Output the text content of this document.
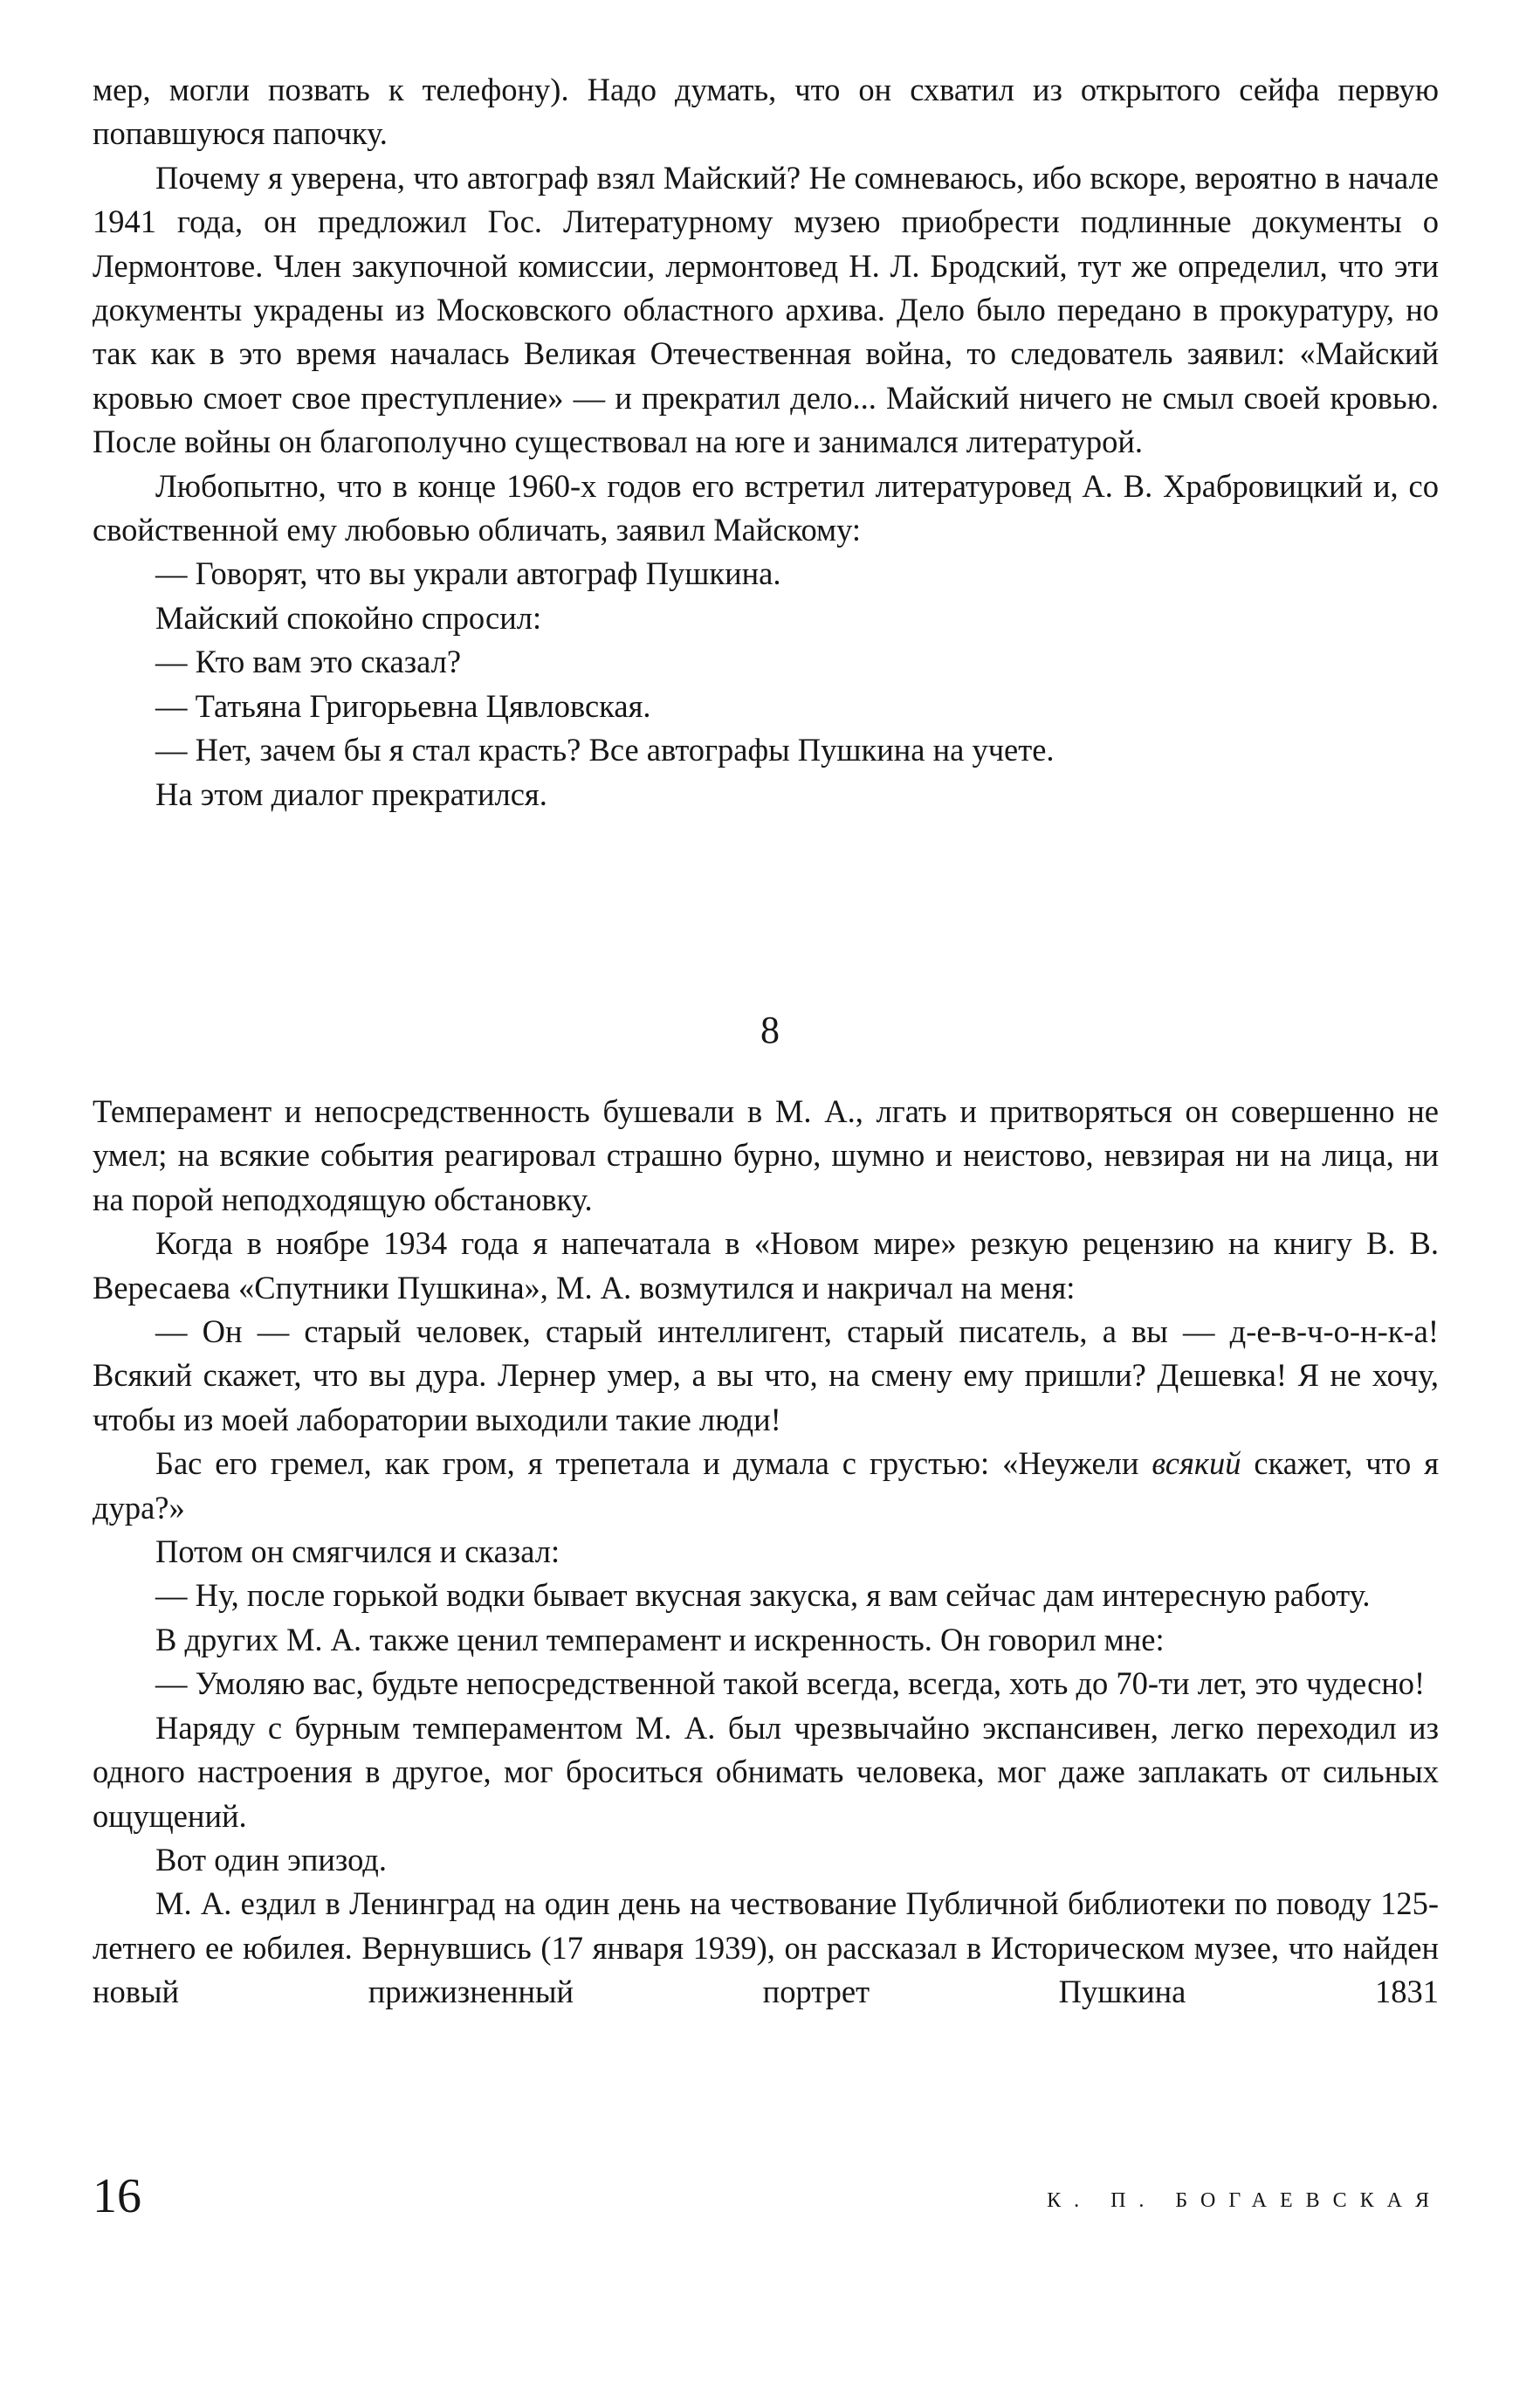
мер, могли позвать к телефону). Надо думать, что он схватил из открытого сейфа первую попавшуюся папочку.

Почему я уверена, что автограф взял Майский? Не сомневаюсь, ибо вскоре, вероятно в начале 1941 года, он предложил Гос. Литературному музею приобрести подлинные документы о Лермонтове. Член закупочной комиссии, лермонтовед Н. Л. Бродский, тут же определил, что эти документы украдены из Московского областного архива. Дело было передано в прокуратуру, но так как в это время началась Великая Отечественная война, то следователь заявил: «Майский кровью смоет свое преступление» — и прекратил дело... Майский ничего не смыл своей кровью. После войны он благополучно существовал на юге и занимался литературой.

Любопытно, что в конце 1960-х годов его встретил литературовед А. В. Храбровицкий и, со свойственной ему любовью обличать, заявил Майскому:

— Говорят, что вы украли автограф Пушкина.

Майский спокойно спросил:

— Кто вам это сказал?

— Татьяна Григорьевна Цявловская.

— Нет, зачем бы я стал красть? Все автографы Пушкина на учете.

На этом диалог прекратился.

8

Темперамент и непосредственность бушевали в М. А., лгать и притворяться он совершенно не умел; на всякие события реагировал страшно бурно, шумно и неистово, невзирая ни на лица, ни на порой неподходящую обстановку.

Когда в ноябре 1934 года я напечатала в «Новом мире» резкую рецензию на книгу В. В. Вересаева «Спутники Пушкина», М. А. возмутился и накричал на меня:

— Он — старый человек, старый интеллигент, старый писатель, а вы — д-е-в-ч-о-н-к-а! Всякий скажет, что вы дура. Лернер умер, а вы что, на смену ему пришли? Дешевка! Я не хочу, чтобы из моей лаборатории выходили такие люди!

Бас его гремел, как гром, я трепетала и думала с грустью: «Неужели всякий скажет, что я дура?»

Потом он смягчился и сказал:

— Ну, после горькой водки бывает вкусная закуска, я вам сейчас дам интересную работу.

В других М. А. также ценил темперамент и искренность. Он говорил мне:

— Умоляю вас, будьте непосредственной такой всегда, всегда, хоть до 70-ти лет, это чудесно!

Наряду с бурным темпераментом М. А. был чрезвычайно экспансивен, легко переходил из одного настроения в другое, мог броситься обнимать человека, мог даже заплакать от сильных ощущений.

Вот один эпизод.

М. А. ездил в Ленинград на один день на чествование Публичной библиотеки по поводу 125-летнего ее юбилея. Вернувшись (17 января 1939), он рассказал в Историческом музее, что найден новый прижизненный портрет Пушкина 1831

16	К. П. БОГАЕВСКАЯ
